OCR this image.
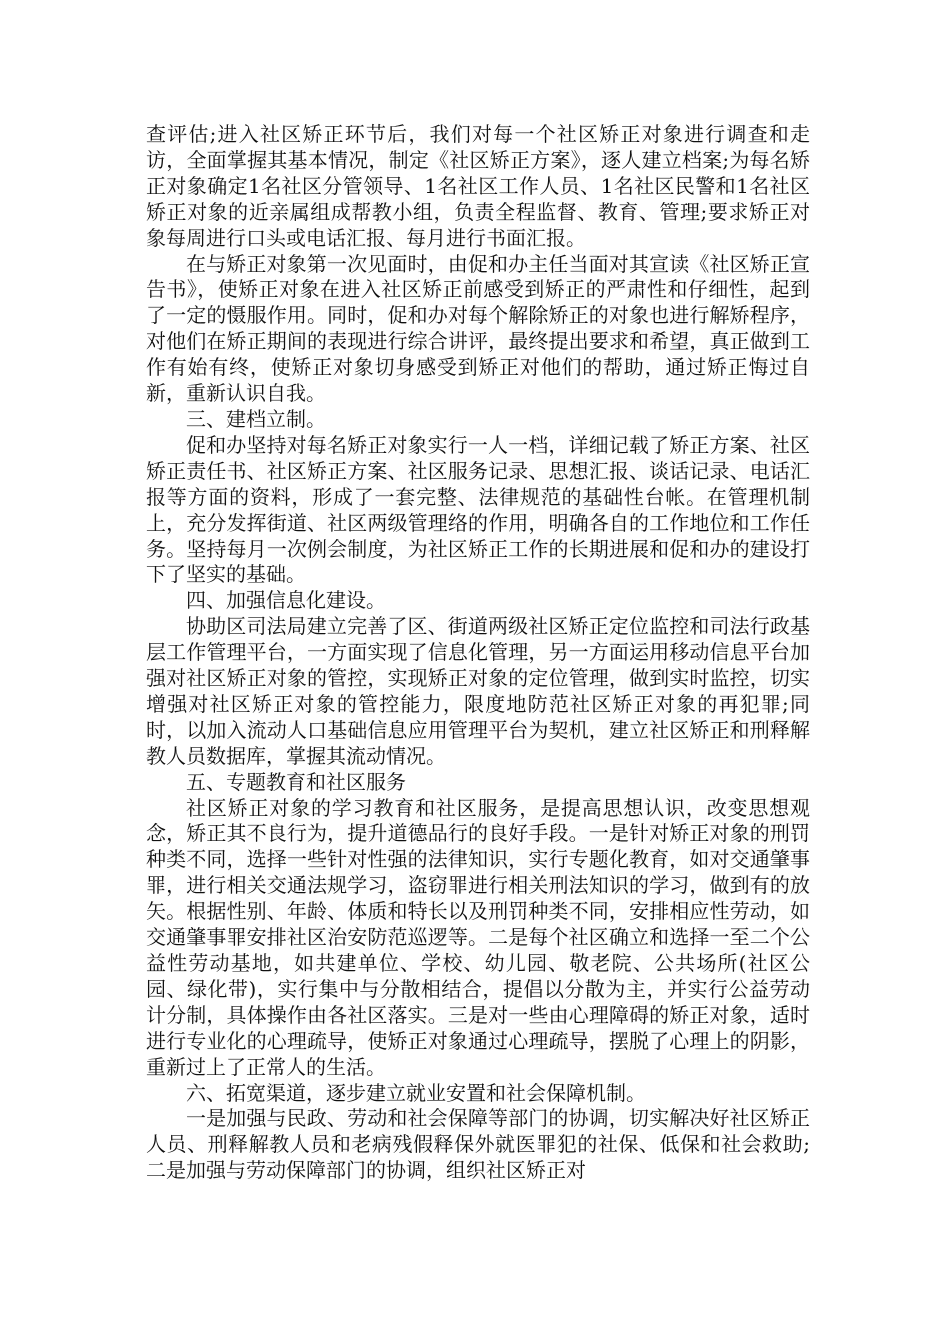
查评估;进入社区矫正环节后，我们对每一个社区矫正对象进行调查和走访，全面掌握其基本情况，制定《社区矫正方案》，逐人建立档案;为每名矫正对象确定1名社区分管领导、1名社区工作人员、1名社区民警和1名社区矫正对象的近亲属组成帮教小组，负责全程监督、教育、管理;要求矫正对象每周进行口头或电话汇报、每月进行书面汇报。

在与矫正对象第一次见面时，由促和办主任当面对其宣读《社区矫正宣告书》，使矫正对象在进入社区矫正前感受到矫正的严肃性和仔细性，起到了一定的慑服作用。同时，促和办对每个解除矫正的对象也进行解矫程序，对他们在矫正期间的表现进行综合讲评，最终提出要求和希望，真正做到工作有始有终，使矫正对象切身感受到矫正对他们的帮助，通过矫正悔过自新，重新认识自我。

三、建档立制。

促和办坚持对每名矫正对象实行一人一档，详细记载了矫正方案、社区矫正责任书、社区矫正方案、社区服务记录、思想汇报、谈话记录、电话汇报等方面的资料，形成了一套完整、法律规范的基础性台帐。在管理机制上，充分发挥街道、社区两级管理络的作用，明确各自的工作地位和工作任务。坚持每月一次例会制度，为社区矫正工作的长期进展和促和办的建设打下了坚实的基础。

四、加强信息化建设。

协助区司法局建立完善了区、街道两级社区矫正定位监控和司法行政基层工作管理平台，一方面实现了信息化管理，另一方面运用移动信息平台加强对社区矫正对象的管控，实现矫正对象的定位管理，做到实时监控，切实增强对社区矫正对象的管控能力，限度地防范社区矫正对象的再犯罪;同时，以加入流动人口基础信息应用管理平台为契机，建立社区矫正和刑释解教人员数据库，掌握其流动情况。

五、专题教育和社区服务

社区矫正对象的学习教育和社区服务，是提高思想认识，改变思想观念，矫正其不良行为，提升道德品行的良好手段。一是针对矫正对象的刑罚种类不同，选择一些针对性强的法律知识，实行专题化教育，如对交通肇事罪，进行相关交通法规学习，盗窃罪进行相关刑法知识的学习，做到有的放矢。根据性别、年龄、体质和特长以及刑罚种类不同，安排相应性劳动，如交通肇事罪安排社区治安防范巡逻等。二是每个社区确立和选择一至二个公益性劳动基地，如共建单位、学校、幼儿园、敬老院、公共场所(社区公园、绿化带)，实行集中与分散相结合，提倡以分散为主，并实行公益劳动计分制，具体操作由各社区落实。三是对一些由心理障碍的矫正对象，适时进行专业化的心理疏导，使矫正对象通过心理疏导，摆脱了心理上的阴影，重新过上了正常人的生活。

六、拓宽渠道，逐步建立就业安置和社会保障机制。

一是加强与民政、劳动和社会保障等部门的协调，切实解决好社区矫正人员、刑释解教人员和老病残假释保外就医罪犯的社保、低保和社会救助;二是加强与劳动保障部门的协调，组织社区矫正对
